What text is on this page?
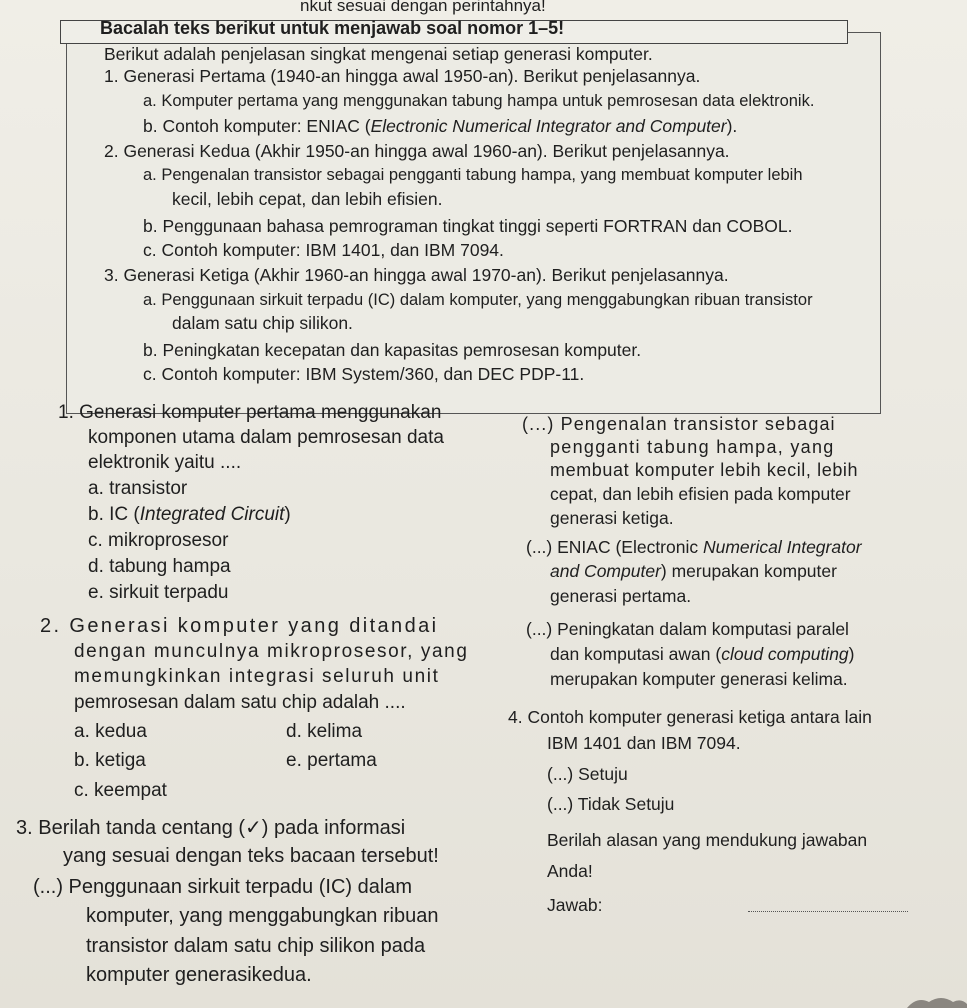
nkut sesuai dengan perintahnya!
Bacalah teks berikut untuk menjawab soal nomor 1–5!
Berikut adalah penjelasan singkat mengenai setiap generasi komputer.
1. Generasi Pertama (1940-an hingga awal 1950-an). Berikut penjelasannya.
a. Komputer pertama yang menggunakan tabung hampa untuk pemrosesan data elektronik.
b. Contoh komputer: ENIAC (Electronic Numerical Integrator and Computer).
2. Generasi Kedua (Akhir 1950-an hingga awal 1960-an). Berikut penjelasannya.
a. Pengenalan transistor sebagai pengganti tabung hampa, yang membuat komputer lebih
kecil, lebih cepat, dan lebih efisien.
b. Penggunaan bahasa pemrograman tingkat tinggi seperti FORTRAN dan COBOL.
c. Contoh komputer: IBM 1401, dan IBM 7094.
3. Generasi Ketiga (Akhir 1960-an hingga awal 1970-an). Berikut penjelasannya.
a. Penggunaan sirkuit terpadu (IC) dalam komputer, yang menggabungkan ribuan transistor
dalam satu chip silikon.
b. Peningkatan kecepatan dan kapasitas pemrosesan komputer.
c. Contoh komputer: IBM System/360, dan DEC PDP-11.
1. Generasi komputer pertama menggunakan
komponen utama dalam pemrosesan data
elektronik yaitu ....
a. transistor
b. IC (Integrated Circuit)
c. mikroprosesor
d. tabung hampa
e. sirkuit terpadu
2. Generasi komputer yang ditandai
dengan munculnya mikroprosesor, yang
memungkinkan integrasi seluruh unit
pemrosesan dalam satu chip adalah ....
a. kedua
b. ketiga
c. keempat
d. kelima
e. pertama
3. Berilah tanda centang (✓) pada informasi
yang sesuai dengan teks bacaan tersebut!
(...) Penggunaan sirkuit terpadu (IC) dalam
komputer, yang menggabungkan ribuan
transistor dalam satu chip silikon pada
komputer generasikedua.
(...) Pengenalan transistor sebagai
pengganti tabung hampa, yang
membuat komputer lebih kecil, lebih
cepat, dan lebih efisien pada komputer
generasi ketiga.
(...) ENIAC (Electronic Numerical Integrator
and Computer) merupakan komputer
generasi pertama.
(...) Peningkatan dalam komputasi paralel
dan komputasi awan (cloud computing)
merupakan komputer generasi kelima.
4. Contoh komputer generasi ketiga antara lain
IBM 1401 dan IBM 7094.
(...) Setuju
(...) Tidak Setuju
Berilah alasan yang mendukung jawaban
Anda!
Jawab:
